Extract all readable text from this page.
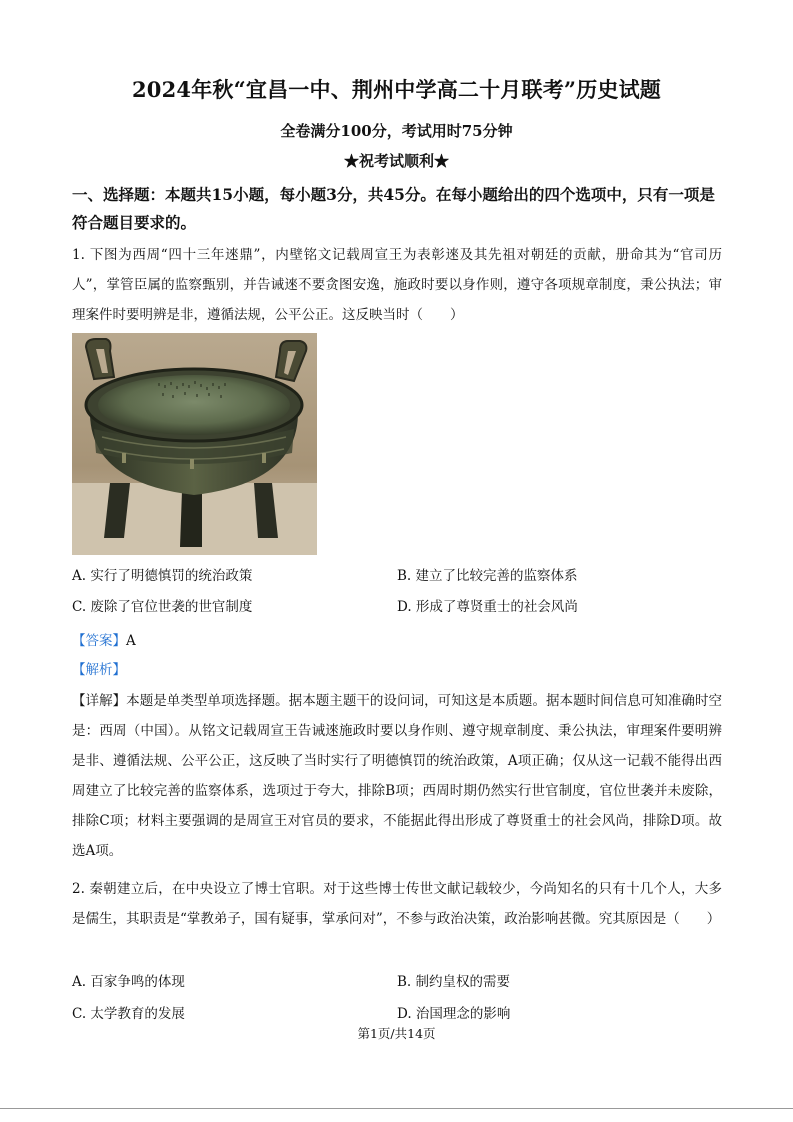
2024年秋“宜昌一中、荆州中学高二十月联考”历史试题
全卷满分100分，考试用时75分钟
★祝考试顺利★
一、选择题：本题共15小题，每小题3分，共45分。在每小题给出的四个选项中，只有一项是符合题目要求的。
1. 下图为西周“四十三年逨鼎”，内壁铭文记载周宣王为表彰逨及其先祖对朝廷的贡献，册命其为“官司历人”，掌管臣属的监察甄别，并告诫逨不要贪图安逸，施政时要以身作则，遵守各项规章制度，秉公执法；审理案件时要明辨是非，遵循法规，公平公正。这反映当时（　　）
A. 实行了明德慎罚的统治政策	B. 建立了比较完善的监察体系
C. 废除了官位世袭的世官制度	D. 形成了尊贤重士的社会风尚
【答案】A
【解析】
【详解】本题是单类型单项选择题。据本题主题干的设问词，可知这是本质题。据本题时间信息可知准确时空是：西周（中国）。从铭文记载周宣王告诫逨施政时要以身作则、遵守规章制度、秉公执法，审理案件要明辨是非、遵循法规、公平公正，这反映了当时实行了明德慎罚的统治政策，A项正确；仅从这一记载不能得出西周建立了比较完善的监察体系，选项过于夸大，排除B项；西周时期仍然实行世官制度，官位世袭并未废除，排除C项；材料主要强调的是周宣王对官员的要求，不能据此得出形成了尊贤重士的社会风尚，排除D项。故选A项。
2. 秦朝建立后，在中央设立了博士官职。对于这些博士传世文献记载较少，今尚知名的只有十几个人，大多是儒生，其职责是“掌教弟子，国有疑事，掌承问对”，不参与政治决策，政治影响甚微。究其原因是（　　）
A. 百家争鸣的体现	B. 制约皇权的需要
C. 太学教育的发展	D. 治国理念的影响
第1页/共14页
